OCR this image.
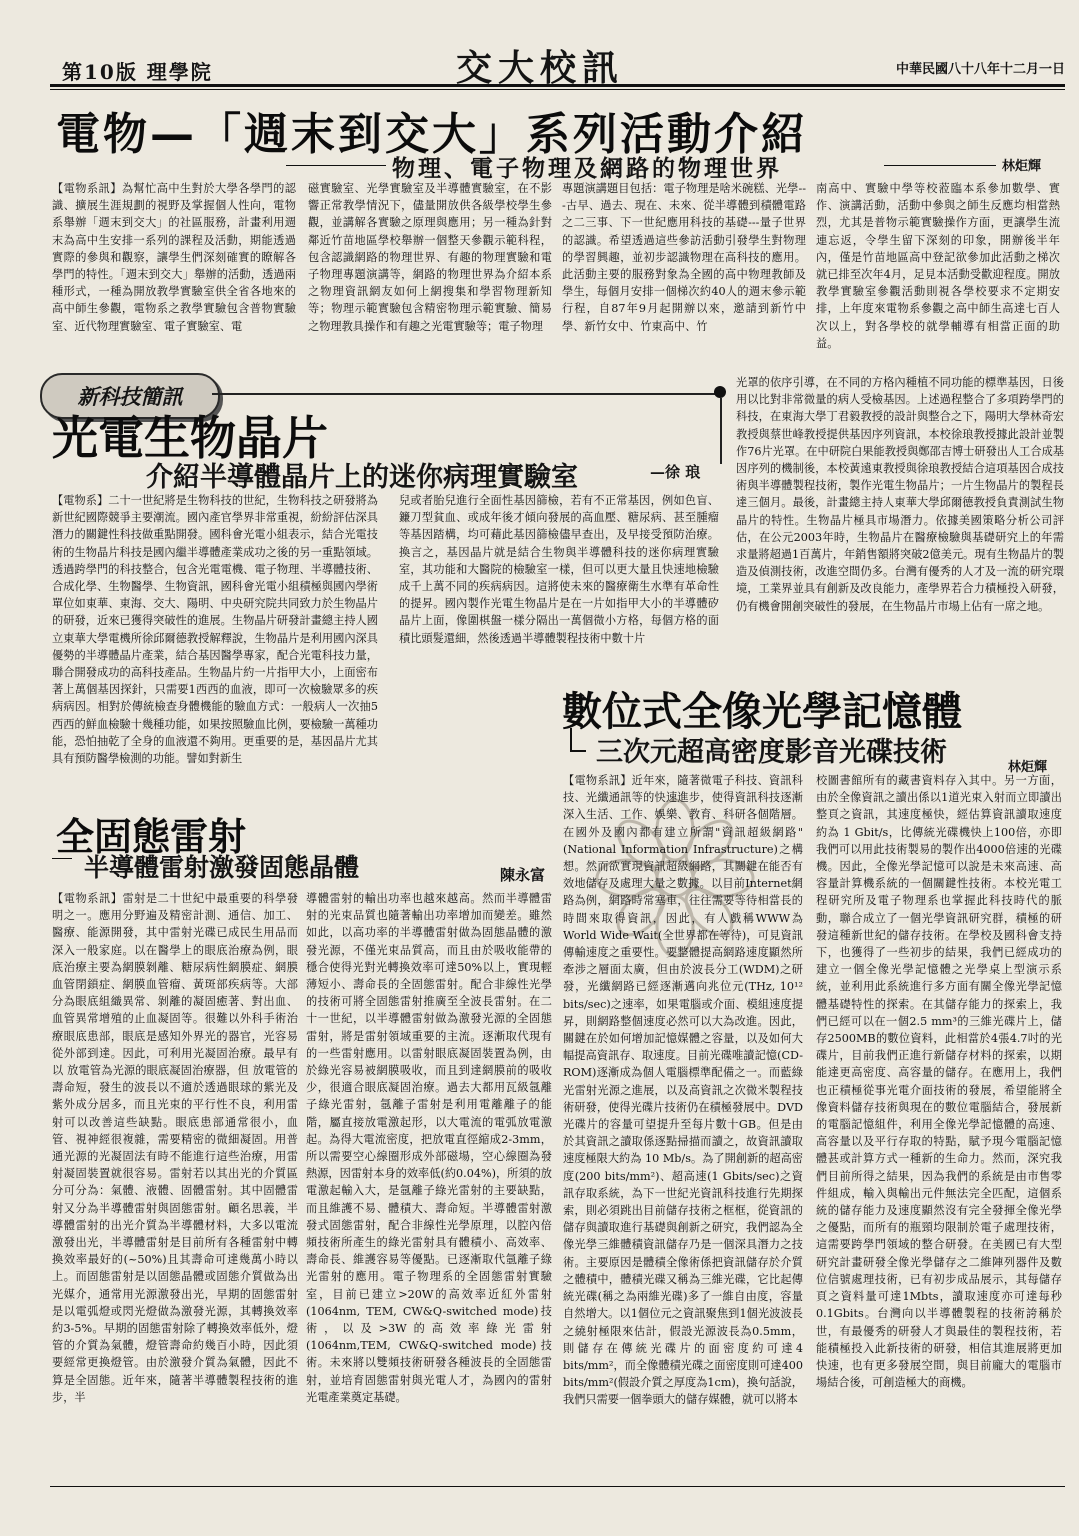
第10版 理學院	交大校訊	中華民國八十八年十二月一日
電物—「週末到交大」系列活動介紹
物理、電子物理及網路的物理世界	林炬輝

【電物系訊】為幫忙高中生對於大學各學門的認識、擴展生涯規劃的視野及掌握個人性向，電物系舉辦「週末到交大」的社區服務，計畫利用週末為高中生安排一系列的課程及活動，期能透過實際的參與和觀察，讓學生們深刻確實的瞭解各學門的特性。「週末到交大」舉辦的活動，透過兩種形式，一種為開放教學實驗室供全省各地來的高中師生參觀，電物系之教學實驗包含普物實驗室、近代物理實驗室、電子實驗室、電

磁實驗室、光學實驗室及半導體實驗室，在不影響正常教學情況下，儘量開放供各級學校學生參觀，並講解各實驗之原理與應用；另一種為針對鄰近竹苗地區學校舉辦一個整天參觀示範科程，包含認識網路的物理世界、有趣的物理實驗和電子物理專題演講等，網路的物理世界為介紹本系之物理資訊網友如何上網搜集和學習物理新知等；物理示範實驗包含精密物理示範實驗、簡易之物理教具操作和有趣之光電實驗等；電子物理

專題演講題目包括：電子物理是啥米碗糕、光學---古早、過去、現在、未來、從半導體到積體電路之二三事、下一世紀應用科技的基礎---量子世界的認識。希望透過這些參訪活動引發學生對物理的學習興趣，並初步認識物理在高科技的應用。此活動主要的服務對象為全國的高中物理教師及學生，每個月安排一個梯次約40人的週末參示範行程，自87年9月起開辦以來，邀請到新竹中學、新竹女中、竹東高中、竹

南高中、實驗中學等校蒞臨本系參加數學、實作、演講活動，活動中參與之師生反應均相當熱烈，尤其是普物示範實驗操作方面，更讓學生流連忘返，令學生留下深刻的印象，開辦後半年內，僅是竹苗地區高中登記欲參加此活動之梯次就已排至次年4月，足見本活動受歡迎程度。開放教學實驗室參觀活動則視各學校要求不定期安排，上年度來電物系參觀之高中師生高達七百人次以上，對各學校的就學輔導有相當正面的助益。

新科技簡訊
光電生物晶片
介紹半導體晶片上的迷你病理實驗室	—徐 琅

【電物系】二十一世紀將是生物科技的世紀，生物科技之研發將為新世紀國際競爭主要潮流。國內產官學界非常重視，紛紛評估深具潛力的關鍵性科技做重點開發。國科會光電小組表示，結合光電技術的生物晶片科技是國內繼半導體產業成功之後的另一重點領域。透過跨學門的科技整合，包含光電電機、電子物理、半導體技術、合成化學、生物醫學、生物資訊，國科會光電小組積極與國內學術單位如東華、東海、交大、陽明、中央研究院共同致力於生物晶片的研發，近來已獲得突破性的進展。生物晶片研發計畫總主持人國立東華大學電機所徐邱爾德教授解釋說，生物晶片是利用國內深具優勢的半導體晶片產業，結合基因醫學專家，配合光電科技力量，聯合開發成功的高科技產品。生物晶片約一片指甲大小，上面密布著上萬個基因探針，只需要1西西的血液，即可一次檢驗眾多的疾病病因。相對於傳統檢查身體機能的驗血方式：一般病人一次抽5西西的鮮血檢驗十幾種功能，如果按照驗血比例，要檢驗一萬種功能，恐怕抽乾了全身的血液還不夠用。更重要的是，基因晶片尤其具有預防醫學檢測的功能。譬如對新生

兒或者胎兒進行全面性基因篩檢，若有不正常基因，例如色盲、鐮刀型貧血、或成年後才傾向發展的高血壓、糖尿病、甚至腫瘤等基因踏構，均可藉此基因篩檢儘早查出，及早接受預防治療。換言之，基因晶片就是結合生物與半導體科技的迷你病理實驗室，其功能和大醫院的檢驗室一樣，但可以更大量且快速地檢驗成千上萬不同的疾病病因。這將使未來的醫療衛生水準有革命性的提昇。國內製作光電生物晶片是在一片如指甲大小的半導體矽晶片上面，像圍棋盤一樣分隔出一萬個微小方格，每個方格的面積比頭髮還細，然後透過半導體製程技術中數十片

光罩的依序引導，在不同的方格內種植不同功能的標準基因，日後用以比對非常微量的病人受檢基因。上述過程整合了多項跨學門的科技，在東海大學丁君毅教授的設計與整合之下，陽明大學林奇宏教授與蔡世峰教授提供基因序列資訊，本校徐琅教授據此設計並製作76片光罩。在中研院白果能教授與鄭邵吉博士研發出人工合成基因序列的機制後，本校黃遠東教授與徐琅教授結合這項基因合成技術與半導體製程技術，製作光電生物晶片；一片生物晶片的製程長達三個月。最後，計畫總主持人東華大學邱爾德教授負責測試生物晶片的特性。生物晶片極具市場潛力。依據美國策略分析公司評估，在公元2003年時，生物晶片在醫療檢驗與基礎研究上的年需求量將超過1百萬片，年銷售額將突破2億美元。現有生物晶片的製造及偵測技術，改進空間仍多。台灣有優秀的人才及一流的研究環境，工業界並具有創新及改良能力，產學界若合力積極投入研發，仍有機會開創突破性的發展，在生物晶片市場上佔有一席之地。

數位式全像光學記憶體
三次元超高密度影音光碟技術	林炬輝

【電物系訊】近年來，隨著微電子科技、資訊科技、光纖通訊等的快速進步，使得資訊科技逐漸深入生活、工作、娛樂、教育、科研各個階層。在國外及國內都有建立所謂"資訊超級網路"(National Information Infrastructure)之構想。然而欲實現資訊超級網路，其關鍵在能否有效地儲存及處理大量之數據。以目前Internet網路為例，網路時常塞車，往往需要等待相當長的時間來取得資訊，因此，有人戲稱WWW為World Wide Wait(全世界都在等待)，可見資訊傳輸速度之重要性。要整體提高網路速度顯然所牽涉之層面太廣，但由於波長分工(WDM)之研發，光纖網路已經逐漸邁向兆位元(THz, 10¹² bits/sec)之速率，如果電腦或介面、模組速度提昇，則網路整個速度必然可以大為改進。因此，關鍵在於如何增加記憶媒體之容量，以及如何大幅提高資訊存、取速度。目前光碟唯讀記憶(CD-ROM)逐漸成為個人電腦標準配備之一。而藍綠光雷射光源之進展，以及高資訊之次微米製程技術研發，使得光碟片技術仍在積極發展中。DVD光碟片的容量可望提升至每片數十GB。但是由於其資訊之讀取係逐點掃描而讀之，故資訊讀取速度極限大約為 10 Mb/s。為了開創新的超高密度(200 bits/mm²)、超高速(1 Gbits/sec)之資訊存取系統，為下一世紀光資訊科技進行先期探索，則必須跳出目前儲存技術之框框，從資訊的儲存與讀取進行基礎與創新之研究，我們認為全像光學三維體積資訊儲存乃是一個深具潛力之技術。主要原因是體積全像術係把資訊儲存於介質之體積中，體積光碟又稱為三維光碟，它比起傳統光碟(稱之為兩維光碟)多了一維自由度，容量自然增大。以1個位元之資訊聚焦到1個光波波長之繞射極限來估計，假設光源波長為0.5mm，則儲存在傳統光碟片的面密度約可達4 bits/mm²，而全像體積光碟之面密度則可達400 bits/mm²(假設介質之厚度為1cm)，換句話說，我們只需要一個拳頭大的儲存媒體，就可以將本

校圖書館所有的藏書資料存入其中。另一方面，由於全像資訊之讀出係以1道光束入射而立即讀出整頁之資訊，其速度極快，經估算資訊讀取速度約為 1 Gbit/s，比傳統光碟機快上100倍，亦即我們可以用此技術製易的製作出4000倍速的光碟機。因此，全像光學記憶可以說是未來高速、高容量計算機系統的一個關鍵性技術。本校光電工程研究所及電子物理系也掌握此科技時代的脈動，聯合成立了一個光學資訊研究群，積極的研發這種新世紀的儲存技術。在學校及國科會支持下，也獲得了一些初步的結果，我們已經成功的建立一個全像光學記憶體之光學桌上型演示系統，並利用此系統進行多方面有關全像光學記憶體基礎特性的探索。在其儲存能力的探索上，我們已經可以在一個2.5 mm³的三維光碟片上，儲存2500MB的數位資料，此相當於4張4.7吋的光碟片，目前我們正進行新儲存材料的探索，以期能達更高密度、高容量的儲存。在應用上，我們也正積極從事光電介面技術的發展，希望能將全像資料儲存技術與現在的數位電腦結合，發展新的電腦記憶組件，利用全像光學記憶體的高速、高容量以及平行存取的特點，賦予現今電腦記憶體甚或計算方式一種新的生命力。然而，深究我們目前所得之結果，因為我們的系統是由市售零件組成，輸入與輸出元件無法完全匹配，這個系統的儲存能力及速度顯然沒有完全發揮全像光學之優點，而所有的瓶頸均限制於電子處理技術，這需要跨學門領域的整合研發。在美國已有大型研究計畫研發全像光學儲存之二維陣列器件及數位信號處理技術，已有初步成品展示，其每儲存頁之資料量可達1Mbts，讀取速度亦可達每秒0.1Gbits。台灣向以半導體製程的技術誇稱於世，有最優秀的研發人才與最佳的製程技術，若能積極投入此新技術的研發，相信其進展將更加快速，也有更多發展空間，與目前龐大的電腦市場結合後，可創造極大的商機。

全固態雷射
半導體雷射激發固態晶體	陳永富

【電物系訊】雷射是二十世紀中最重要的科學發明之一。應用分野遍及精密計測、通信、加工、醫療、能源開發，其中雷射光碟已成民生用品而深入一般家庭。以在醫學上的眼底治療為例，眼底治療主要為網膜剝離、糖尿病性網膜症、網膜血管閉鎖症、網膜血管瘤、黃斑部疾病等。大部分為眼底組織異常、剝離的凝固癒著、對出血、血管異常增殖的止血凝固等。很難以外科手術治療眼底患部，眼底是感知外界光的器官，光容易從外部到達。因此，可利用光凝固治療。最早有以 放電管為光源的眼底凝固治療器，但 放電管的壽命短，發生的波長以不適於透過眼球的紫光及紫外成分居多，而且光束的平行性不良，利用雷射可以改善這些缺點。眼底患部通常很小，血管、視神經很複雜，需要精密的微細凝固。用普通光源的光凝固法有時不能進行這些治療，用雷射凝固裝置就很容易。雷射若以其出光的介質區分可分為：氣體、液體、固體雷射。其中固體雷射又分為半導體雷射與固態雷射。顧名思義，半導體雷射的出光介質為半導體材料，大多以電流激發出光，半導體雷射是目前所有各種雷射中轉換效率最好的(~50%)且其壽命可達幾萬小時以上。而固態雷射是以固態晶體或固態介質做為出光媒介，通常用光源激發出光，早期的固態雷射是以電弧燈或閃光燈做為激發光源，其轉換效率約3-5%。早期的固態雷射除了轉換效率低外，燈管的介質為氣體，燈管壽命約幾百小時，因此須要經常更換燈管。由於激發介質為氣體，因此不算是全固態。近年來，隨著半導體製程技術的進步，半

導體雷射的輸出功率也越來越高。然而半導體雷射的光束品質也隨著輸出功率增加而變差。雖然如此，以高功率的半導體雷射做為固態晶體的激發光源，不僅光束品質高，而且由於吸收能帶的穩合使得光對光轉換效率可達50%以上，實現輕薄短小、壽命長的全固態雷射。配合非線性光學的技術可將全固態雷射推廣至全波長雷射。在二十一世紀，以半導體雷射做為激發光源的全固態雷射，將是雷射領域重要的主流。逐漸取代現有的一些雷射應用。以雷射眼底凝固裝置為例，由於綠光容易被網膜吸收，而且到達網膜前的吸收少，很適合眼底凝固治療。過去大都用瓦級氬離子綠光雷射，氬離子雷射是利用電離離子的能階，屬直接放電激起形，以大電流的電弧放電激起。為得大電流密度，把放電直徑縮成2-3mm，所以需要空心線圈形成外部磁場，空心線圈為發熱源，因雷射本身的效率低(約0.04%)，所須的放電激起輸入大，是氬離子綠光雷射的主要缺點，而且維護不易、體積大、壽命短。半導體雷射激發式固態雷射，配合非線性光學原理，以腔內倍頻技術所產生的綠光雷射具有體積小、高效率、壽命長、維護容易等優點。已逐漸取代氬離子綠光雷射的應用。電子物理系的全固態雷射實驗室，目前已建立>20W的高效率近紅外雷射(1064nm, TEM, CW&Q-switched mode)技術，以及>3W的高效率綠光雷射(1064nm,TEM, CW&Q-switched mode)技術。未來將以雙頻技術研發各種波長的全固態雷射，並培育固態雷射與光電人才，為國內的雷射光電產業奠定基礎。
